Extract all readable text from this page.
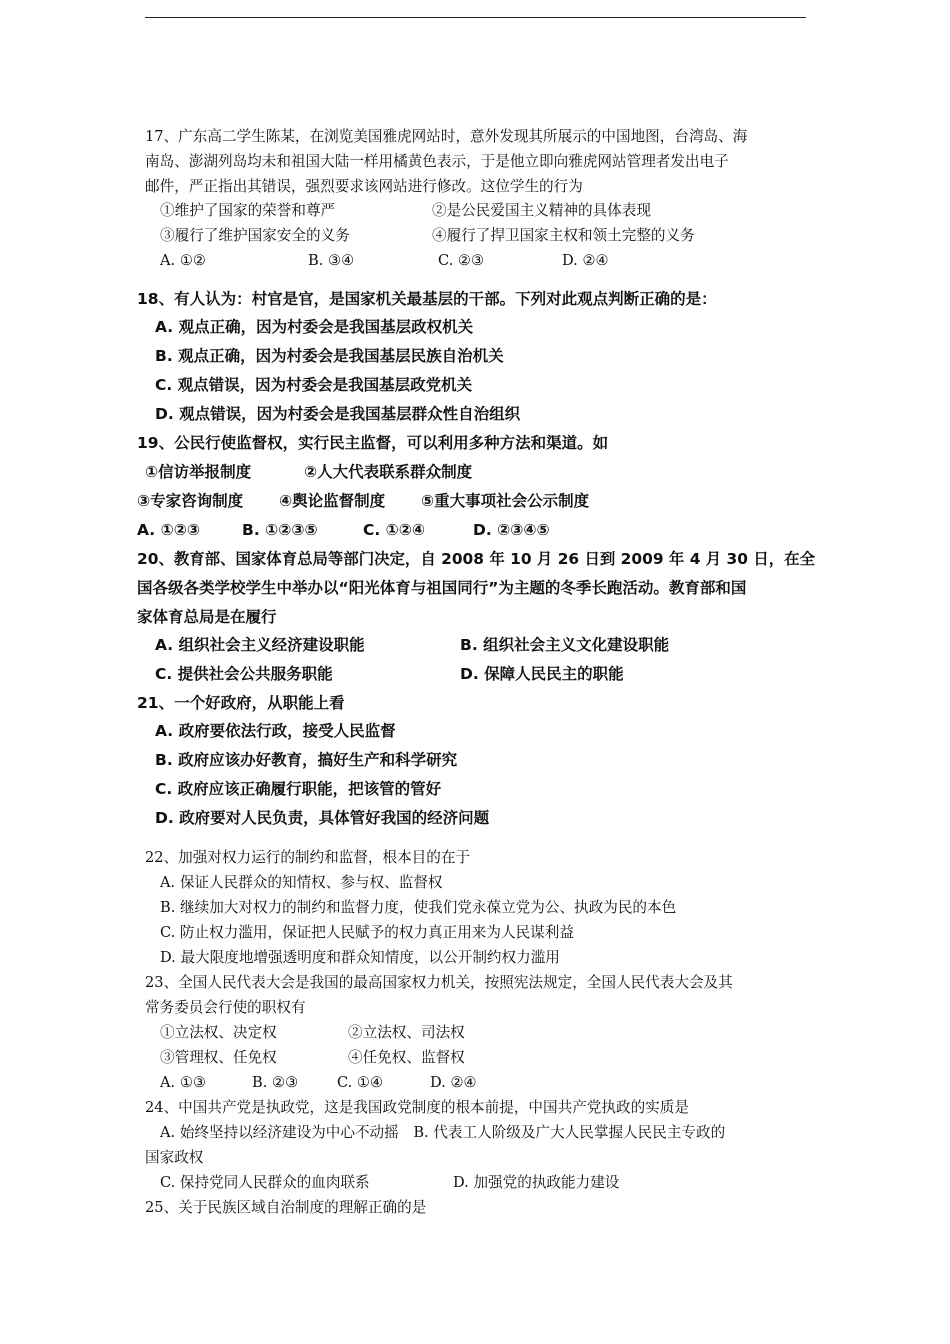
17、广东高二学生陈某，在浏览美国雅虎网站时，意外发现其所展示的中国地图，台湾岛、海
南岛、澎湖列岛均未和祖国大陆一样用橘黄色表示，于是他立即向雅虎网站管理者发出电子
邮件，严正指出其错误，强烈要求该网站进行修改。这位学生的行为
①维护了国家的荣誉和尊严	②是公民爱国主义精神的具体表现
③履行了维护国家安全的义务	④履行了捍卫国家主权和领土完整的义务
A. ①②	B. ③④	C. ②③	D. ②④
18、有人认为：村官是官，是国家机关最基层的干部。下列对此观点判断正确的是：
A. 观点正确，因为村委会是我国基层政权机关
B. 观点正确，因为村委会是我国基层民族自治机关
C. 观点错误，因为村委会是我国基层政党机关
D. 观点错误，因为村委会是我国基层群众性自治组织
19、公民行使监督权，实行民主监督，可以利用多种方法和渠道。如
①信访举报制度	②人大代表联系群众制度
③专家咨询制度 ④舆论监督制度 ⑤重大事项社会公示制度
A. ①②③	B. ①②③⑤	C. ①②④	D. ②③④⑤
20、教育部、国家体育总局等部门决定，自 2008 年 10 月 26 日到 2009 年 4 月 30 日，在全
国各级各类学校学生中举办以“阳光体育与祖国同行”为主题的冬季长跑活动。教育部和国
家体育总局是在履行
A. 组织社会主义经济建设职能	B. 组织社会主义文化建设职能
C. 提供社会公共服务职能	D. 保障人民民主的职能
21、一个好政府，从职能上看
A. 政府要依法行政，接受人民监督
B. 政府应该办好教育，搞好生产和科学研究
C. 政府应该正确履行职能，把该管的管好
D. 政府要对人民负责，具体管好我国的经济问题
22、加强对权力运行的制约和监督，根本目的在于
A. 保证人民群众的知情权、参与权、监督权
B. 继续加大对权力的制约和监督力度，使我们党永葆立党为公、执政为民的本色
C. 防止权力滥用，保证把人民赋予的权力真正用来为人民谋利益
D. 最大限度地增强透明度和群众知情度，以公开制约权力滥用
23、全国人民代表大会是我国的最高国家权力机关，按照宪法规定，全国人民代表大会及其
常务委员会行使的职权有
①立法权、决定权	②立法权、司法权
③管理权、任免权	④任免权、监督权
A. ①③	B. ②③	C. ①④	D. ②④
24、中国共产党是执政党，这是我国政党制度的根本前提，中国共产党执政的实质是
A. 始终坚持以经济建设为中心不动摇　B. 代表工人阶级及广大人民掌握人民民主专政的
国家政权
C. 保持党同人民群众的血肉联系	D. 加强党的执政能力建设
25、关于民族区域自治制度的理解正确的是
